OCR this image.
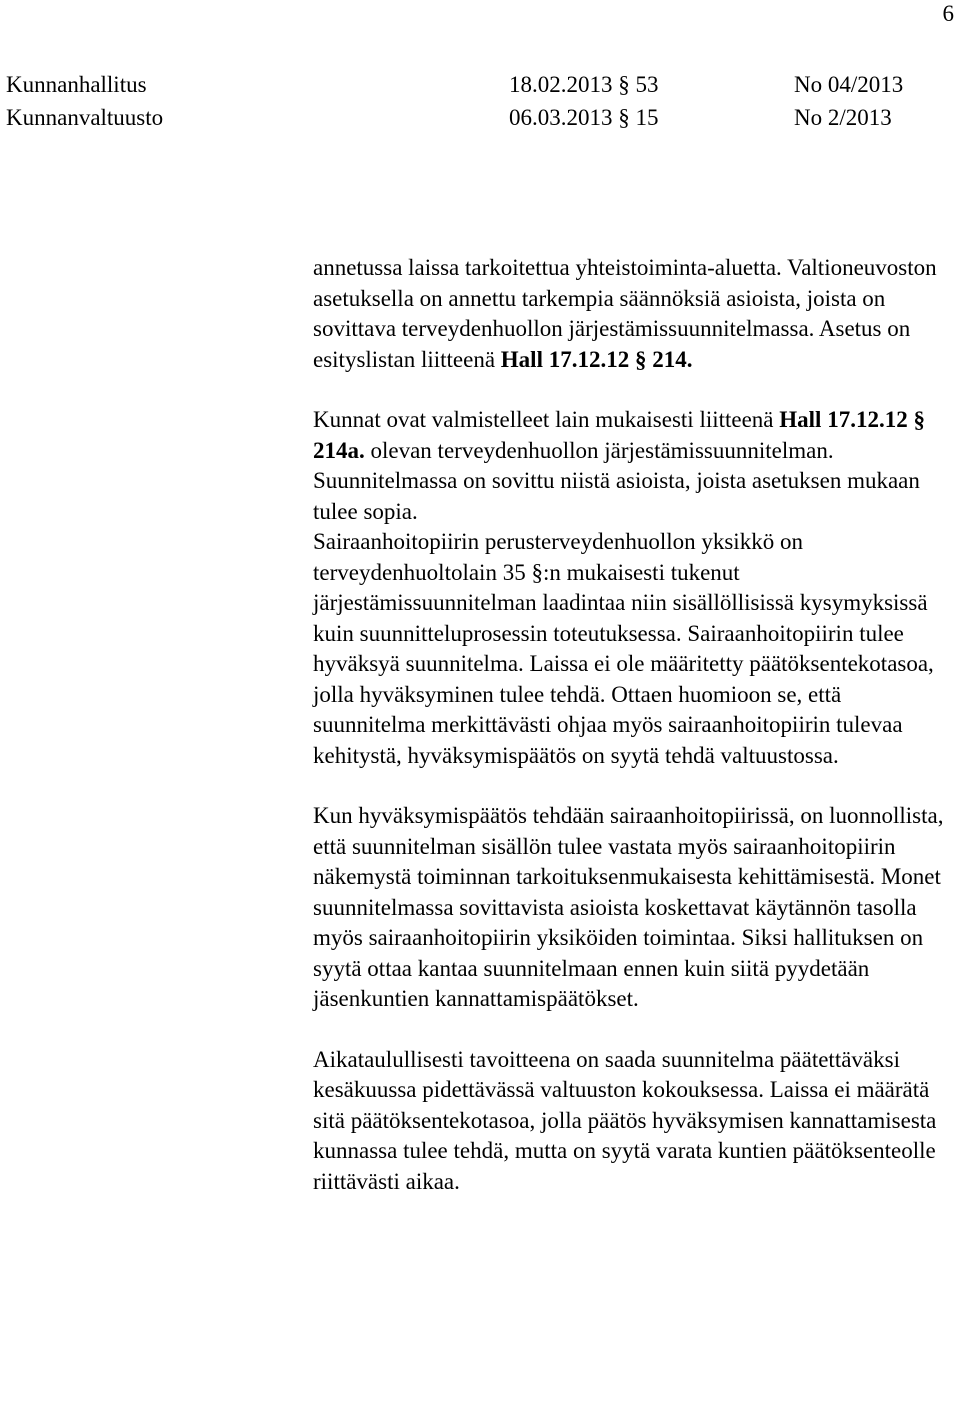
6
Kunnanhallitus	18.02.2013 § 53	No 04/2013
Kunnanvaltuusto	06.03.2013 § 15	No 2/2013

annetussa laissa tarkoitettua yhteistoiminta-aluetta. Valtioneuvoston asetuksella on annettu tarkempia säännöksiä asioista, joista on sovittava terveydenhuollon järjestämissuunnitelmassa. Asetus on esityslistan liitteenä Hall 17.12.12 § 214.

Kunnat ovat valmistelleet lain mukaisesti liitteenä Hall 17.12.12 § 214a. olevan terveydenhuollon järjestämissuunnitelman. Suunnitelmassa on sovittu niistä asioista, joista asetuksen mukaan tulee sopia.

Sairaanhoitopiirin perusterveydenhuollon yksikkö on terveydenhuoltolain 35 §:n mukaisesti tukenut järjestämissuunnitelman laadintaa niin sisällöllisissä kysymyksissä kuin suunnitteluprosessin toteutuksessa. Sairaanhoitopiirin tulee hyväksyä suunnitelma. Laissa ei ole määritetty päätöksentekotasoa, jolla hyväksyminen tulee tehdä. Ottaen huomioon se, että suunnitelma merkittävästi ohjaa myös sairaanhoitopiirin tulevaa kehitystä, hyväksymispäätös on syytä tehdä valtuustossa.

Kun hyväksymispäätös tehdään sairaanhoitopiirissä, on luonnollista, että suunnitelman sisällön tulee vastata myös sairaanhoitopiirin näkemystä toiminnan tarkoituksenmukaisesta kehittämisestä. Monet suunnitelmassa sovittavista asioista koskettavat käytännön tasolla myös sairaanhoitopiirin yksiköiden toimintaa. Siksi hallituksen on syytä ottaa kantaa suunnitelmaan ennen kuin siitä pyydetään jäsenkuntien kannattamispäätökset.

Aikataulullisesti tavoitteena on saada suunnitelma päätettäväksi kesäkuussa pidettävässä valtuuston kokouksessa. Laissa ei määrätä sitä päätöksentekotasoa, jolla päätös hyväksymisen kannattamisesta kunnassa tulee tehdä, mutta on syytä varata kuntien päätöksenteolle riittävästi aikaa.
